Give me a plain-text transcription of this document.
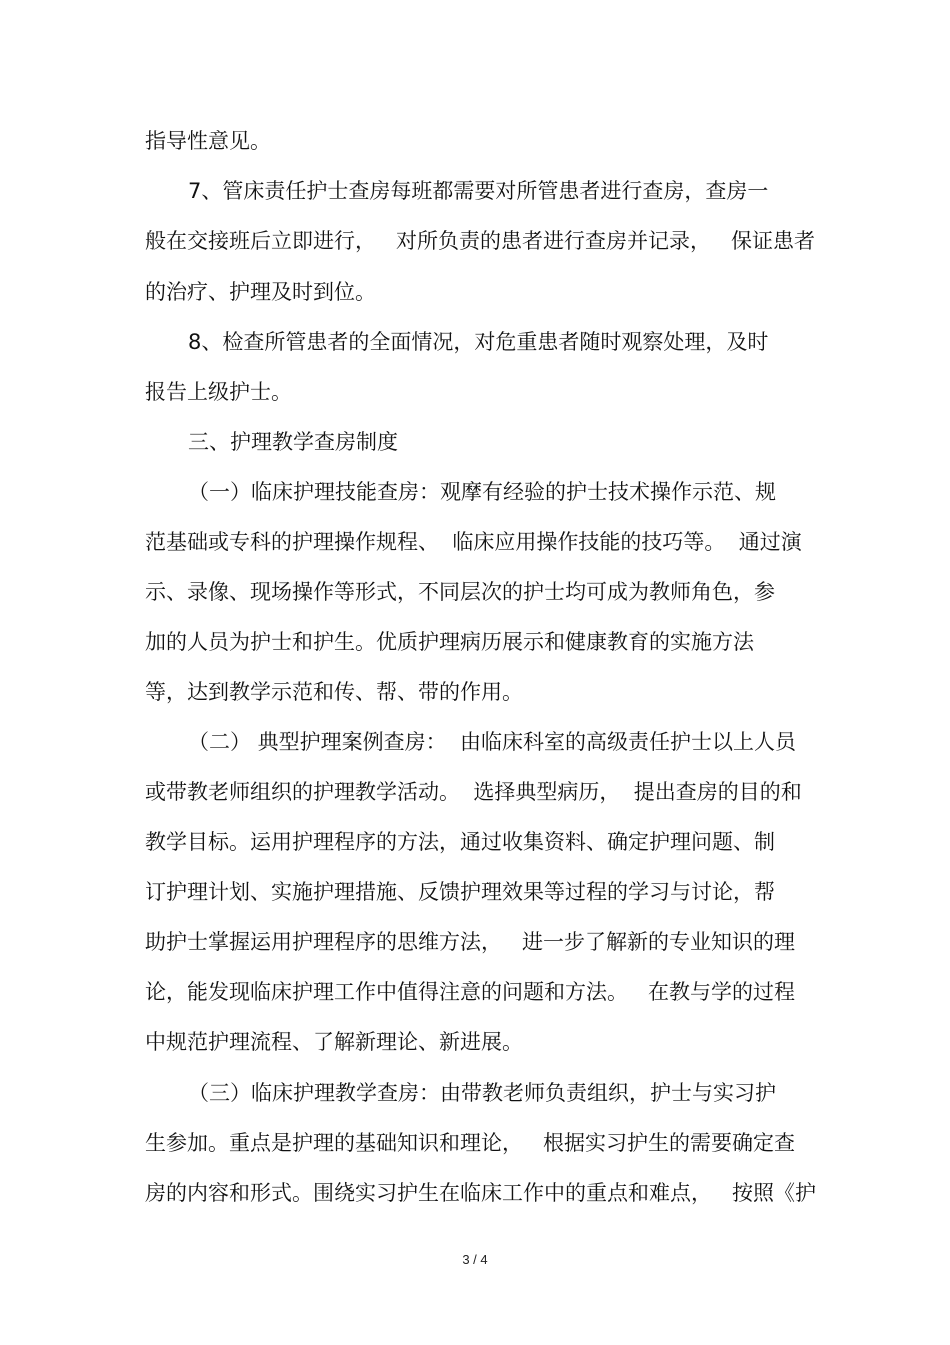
指导性意见。
7、管床责任护士查房每班都需要对所管患者进行查房，查房一
般在交接班后立即进行，   对所负责的患者进行查房并记录，   保证患者
的治疗、护理及时到位。
8、检查所管患者的全面情况，对危重患者随时观察处理，及时
报告上级护士。
三、护理教学查房制度
（一）临床护理技能查房：观摩有经验的护士技术操作示范、规
范基础或专科的护理操作规程、  临床应用操作技能的技巧等。  通过演
示、录像、现场操作等形式，不同层次的护士均可成为教师角色，参
加的人员为护士和护生。优质护理病历展示和健康教育的实施方法
等，达到教学示范和传、帮、带的作用。
（二） 典型护理案例查房：  由临床科室的高级责任护士以上人员
或带教老师组织的护理教学活动。  选择典型病历，  提出查房的目的和
教学目标。运用护理程序的方法，通过收集资料、确定护理问题、制
订护理计划、实施护理措施、反馈护理效果等过程的学习与讨论，帮
助护士掌握运用护理程序的思维方法，   进一步了解新的专业知识的理
论，能发现临床护理工作中值得注意的问题和方法。   在教与学的过程
中规范护理流程、了解新理论、新进展。
（三）临床护理教学查房：由带教老师负责组织，护士与实习护
生参加。重点是护理的基础知识和理论，   根据实习护生的需要确定查
房的内容和形式。围绕实习护生在临床工作中的重点和难点，   按照《护
3 / 4
